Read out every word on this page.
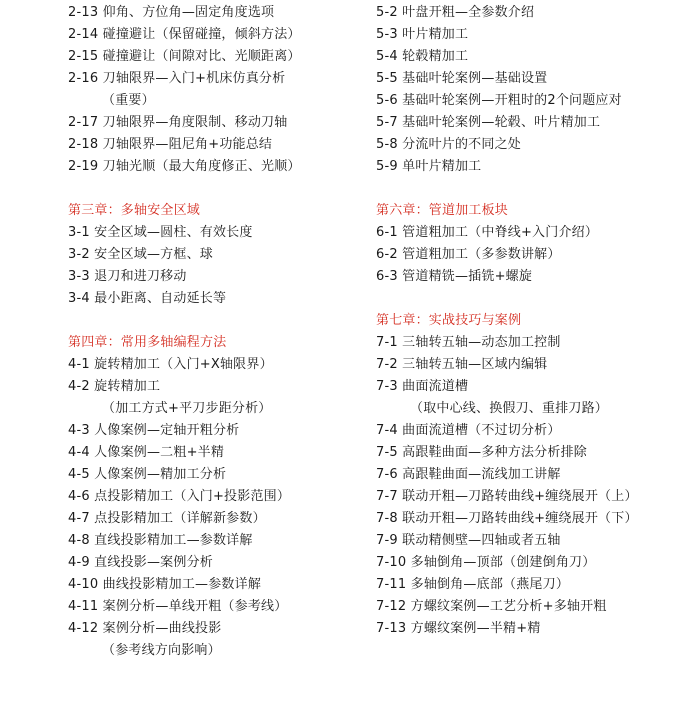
2-13 仰角、方位角—固定角度选项
2-14 碰撞避让（保留碰撞，倾斜方法）
2-15 碰撞避让（间隙对比、光顺距离）
2-16 刀轴限界—入门+机床仿真分析
（重要）
2-17 刀轴限界—角度限制、移动刀轴
2-18 刀轴限界—阻尼角+功能总结
2-19 刀轴光顺（最大角度修正、光顺）
第三章：多轴安全区域
3-1 安全区域—圆柱、有效长度
3-2 安全区域—方框、球
3-3 退刀和进刀移动
3-4 最小距离、自动延长等
第四章：常用多轴编程方法
4-1 旋转精加工（入门+X轴限界）
4-2 旋转精加工
（加工方式+平刀步距分析）
4-3 人像案例—定轴开粗分析
4-4 人像案例—二粗+半精
4-5 人像案例—精加工分析
4-6 点投影精加工（入门+投影范围）
4-7 点投影精加工（详解新参数）
4-8 直线投影精加工—参数详解
4-9 直线投影—案例分析
4-10 曲线投影精加工—参数详解
4-11 案例分析—单线开粗（参考线）
4-12 案例分析—曲线投影
（参考线方向影响）
5-2 叶盘开粗—全参数介绍
5-3 叶片精加工
5-4 轮毂精加工
5-5 基础叶轮案例—基础设置
5-6 基础叶轮案例—开粗时的2个问题应对
5-7 基础叶轮案例—轮毂、叶片精加工
5-8 分流叶片的不同之处
5-9 单叶片精加工
第六章：管道加工板块
6-1 管道粗加工（中脊线+入门介绍）
6-2 管道粗加工（多参数讲解）
6-3 管道精铣—插铣+螺旋
第七章：实战技巧与案例
7-1 三轴转五轴—动态加工控制
7-2 三轴转五轴—区域内编辑
7-3 曲面流道槽
（取中心线、换假刀、重排刀路）
7-4 曲面流道槽（不过切分析）
7-5 高跟鞋曲面—多种方法分析排除
7-6 高跟鞋曲面—流线加工讲解
7-7 联动开粗—刀路转曲线+缠绕展开（上）
7-8 联动开粗—刀路转曲线+缠绕展开（下）
7-9 联动精侧壁—四轴或者五轴
7-10 多轴倒角—顶部（创建倒角刀）
7-11 多轴倒角—底部（燕尾刀）
7-12 方螺纹案例—工艺分析+多轴开粗
7-13 方螺纹案例—半精+精
